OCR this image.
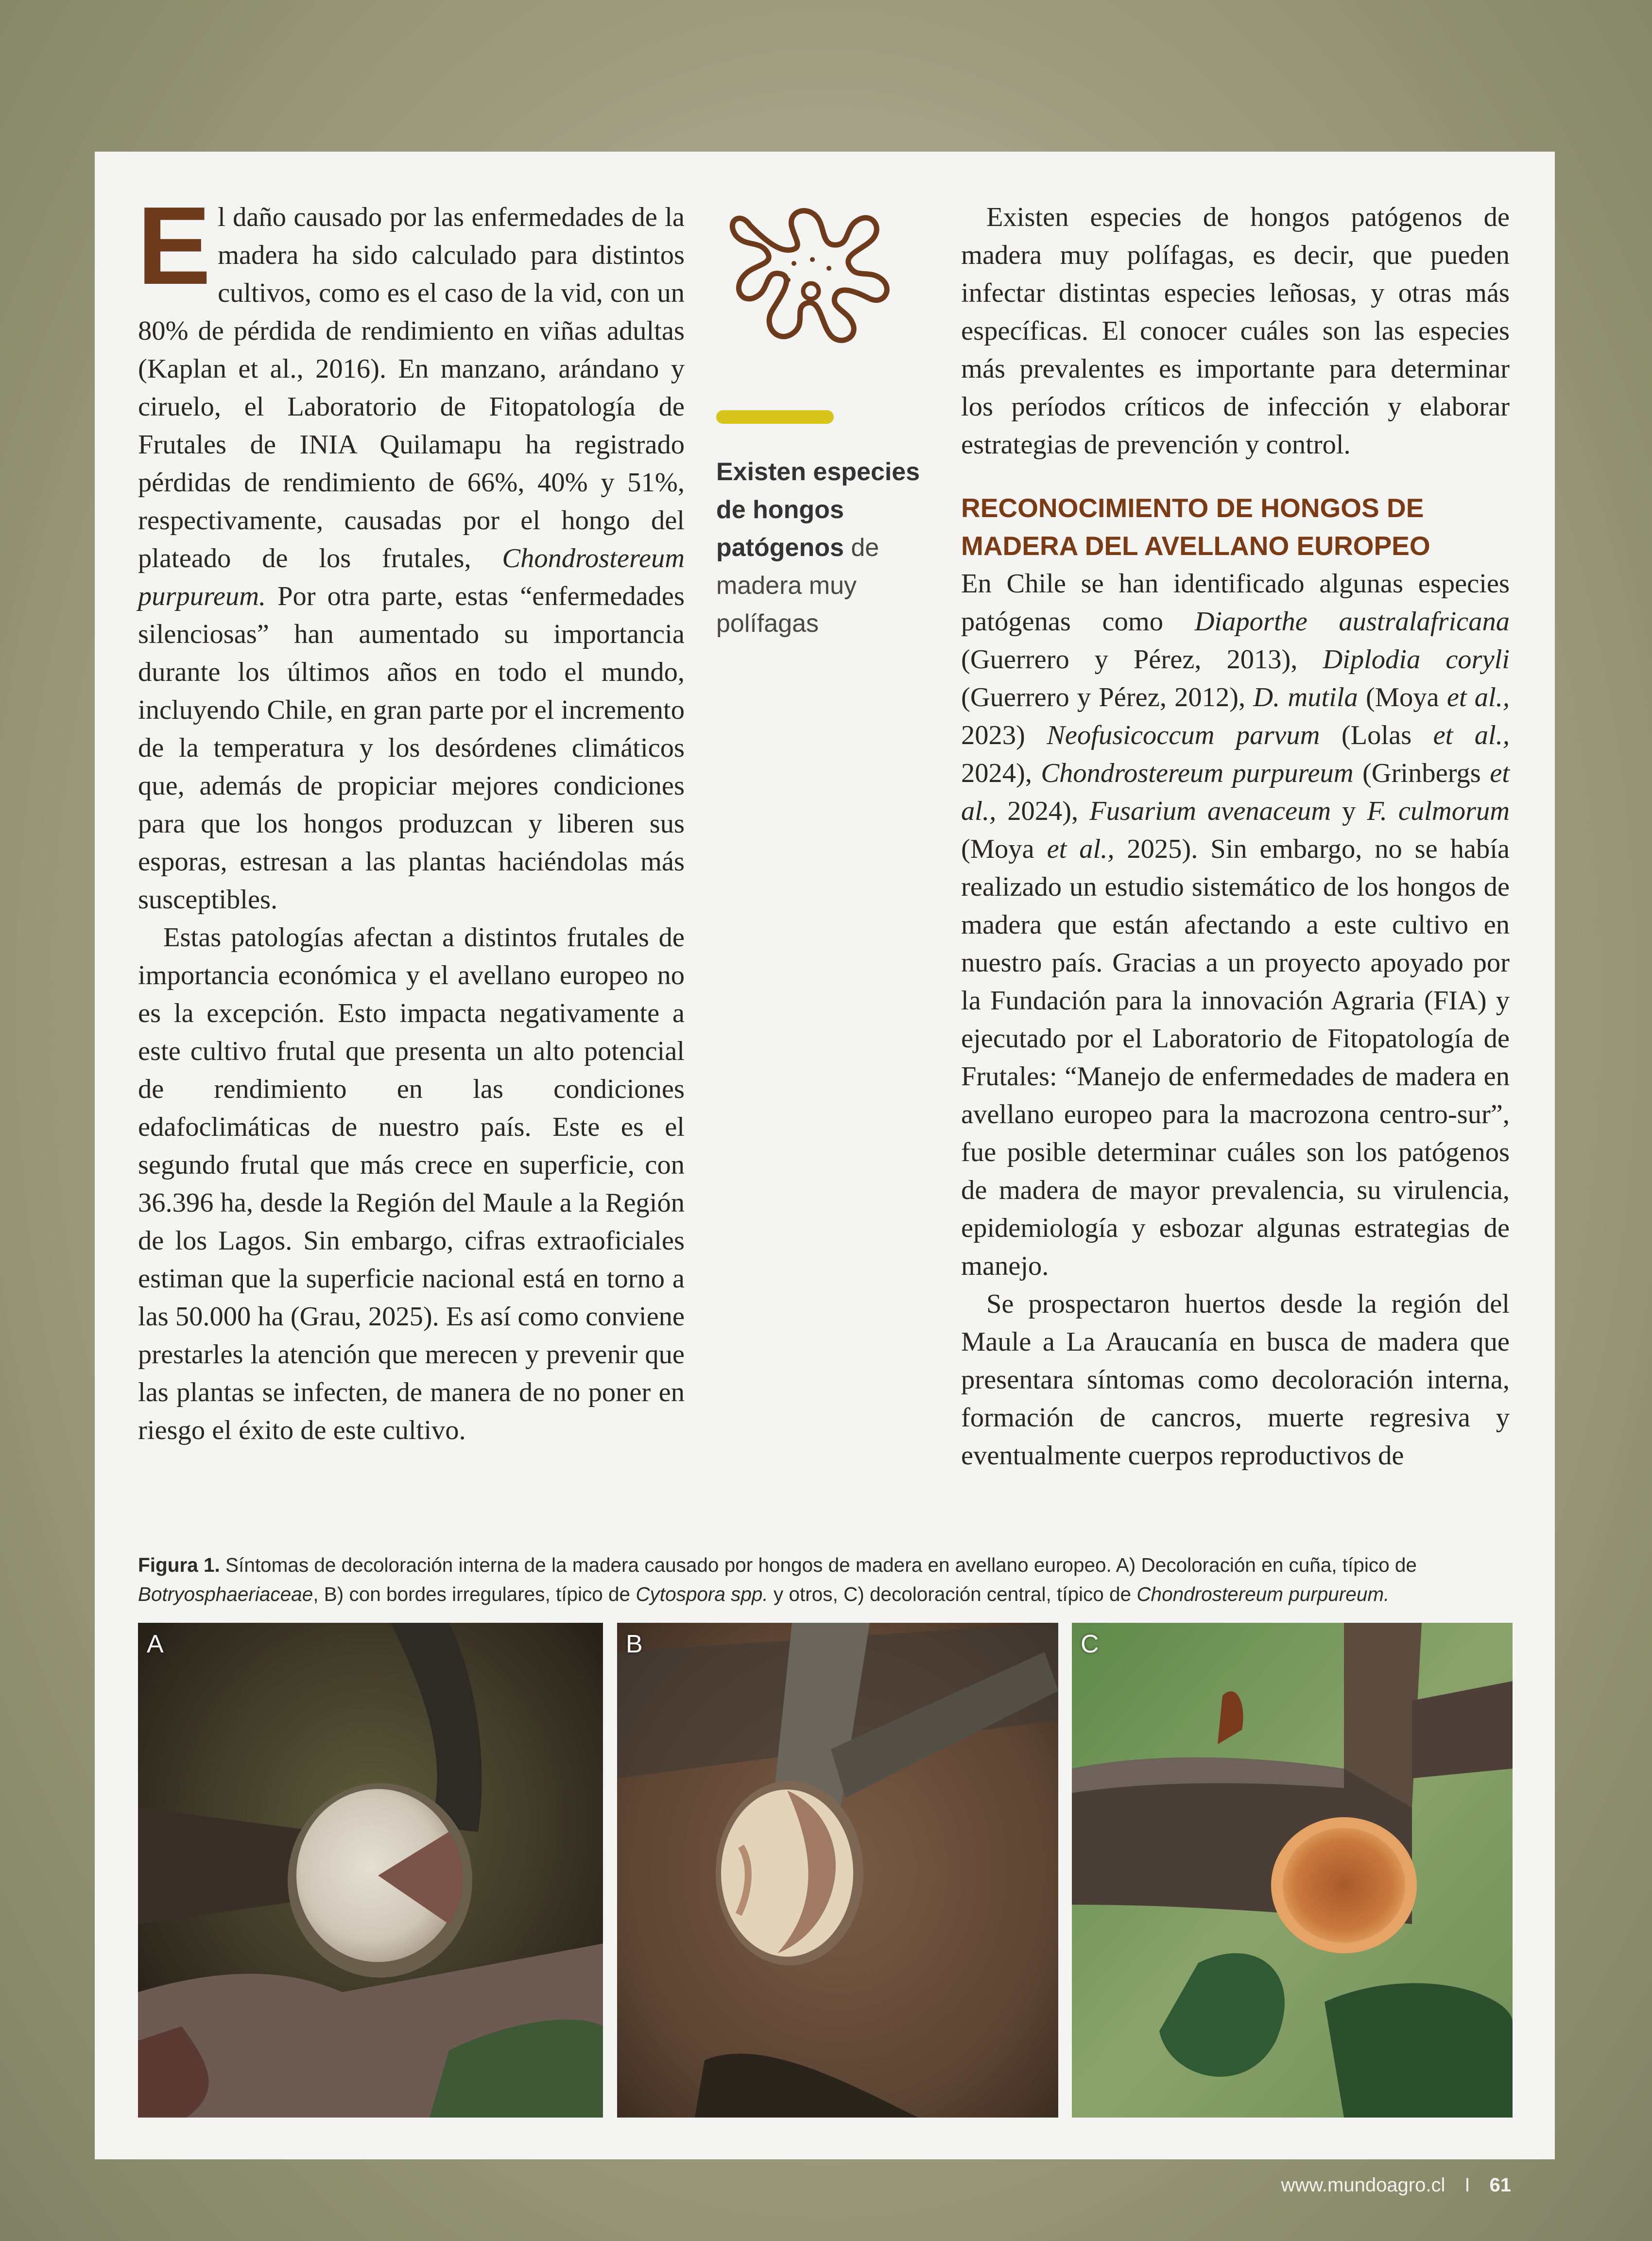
El daño causado por las enfermedades de la madera ha sido calculado para distintos cultivos, como es el caso de la vid, con un 80% de pérdida de rendimiento en viñas adultas (Kaplan et al., 2016). En manzano, arándano y ciruelo, el Laboratorio de Fitopatología de Frutales de INIA Quilamapu ha registrado pérdidas de rendimiento de 66%, 40% y 51%, respectivamente, causadas por el hongo del plateado de los frutales, Chondrostereum purpureum. Por otra parte, estas “enfermedades silenciosas” han aumentado su importancia durante los últimos años en todo el mundo, incluyendo Chile, en gran parte por el incremento de la temperatura y los desórdenes climáticos que, además de propiciar mejores condiciones para que los hongos produzcan y liberen sus esporas, estresan a las plantas haciéndolas más susceptibles.

Estas patologías afectan a distintos frutales de importancia económica y el avellano europeo no es la excepción. Esto impacta negativamente a este cultivo frutal que presenta un alto potencial de rendimiento en las condiciones edafoclimáticas de nuestro país. Este es el segundo frutal que más crece en superficie, con 36.396 ha, desde la Región del Maule a la Región de los Lagos. Sin embargo, cifras extraoficiales estiman que la superficie nacional está en torno a las 50.000 ha (Grau, 2025). Es así como conviene prestarles la atención que merecen y prevenir que las plantas se infecten, de manera de no poner en riesgo el éxito de este cultivo.

Existen especies de hongos patógenos de madera muy polífagas

Existen especies de hongos patógenos de madera muy polífagas, es decir, que pueden infectar distintas especies leñosas, y otras más específicas. El conocer cuáles son las especies más prevalentes es importante para determinar los períodos críticos de infección y elaborar estrategias de prevención y control.

RECONOCIMIENTO DE HONGOS DE MADERA DEL AVELLANO EUROPEO

En Chile se han identificado algunas especies patógenas como Diaporthe australafricana (Guerrero y Pérez, 2013), Diplodia coryli (Guerrero y Pérez, 2012), D. mutila (Moya et al., 2023) Neofusicoccum parvum (Lolas et al., 2024), Chondrostereum purpureum (Grinbergs et al., 2024), Fusarium avenaceum y F. culmorum (Moya et al., 2025). Sin embargo, no se había realizado un estudio sistemático de los hongos de madera que están afectando a este cultivo en nuestro país. Gracias a un proyecto apoyado por la Fundación para la innovación Agraria (FIA) y ejecutado por el Laboratorio de Fitopatología de Frutales: “Manejo de enfermedades de madera en avellano europeo para la macrozona centro-sur”, fue posible determinar cuáles son los patógenos de madera de mayor prevalencia, su virulencia, epidemiología y esbozar algunas estrategias de manejo.

Se prospectaron huertos desde la región del Maule a La Araucanía en busca de madera que presentara síntomas como decoloración interna, formación de cancros, muerte regresiva y eventualmente cuerpos reproductivos de

Figura 1. Síntomas de decoloración interna de la madera causado por hongos de madera en avellano europeo. A) Decoloración en cuña, típico de Botryosphaeriaceae, B) con bordes irregulares, típico de Cytospora spp. y otros, C) decoloración central, típico de Chondrostereum purpureum.
A	B	C
www.mundoagro.cl I 61
